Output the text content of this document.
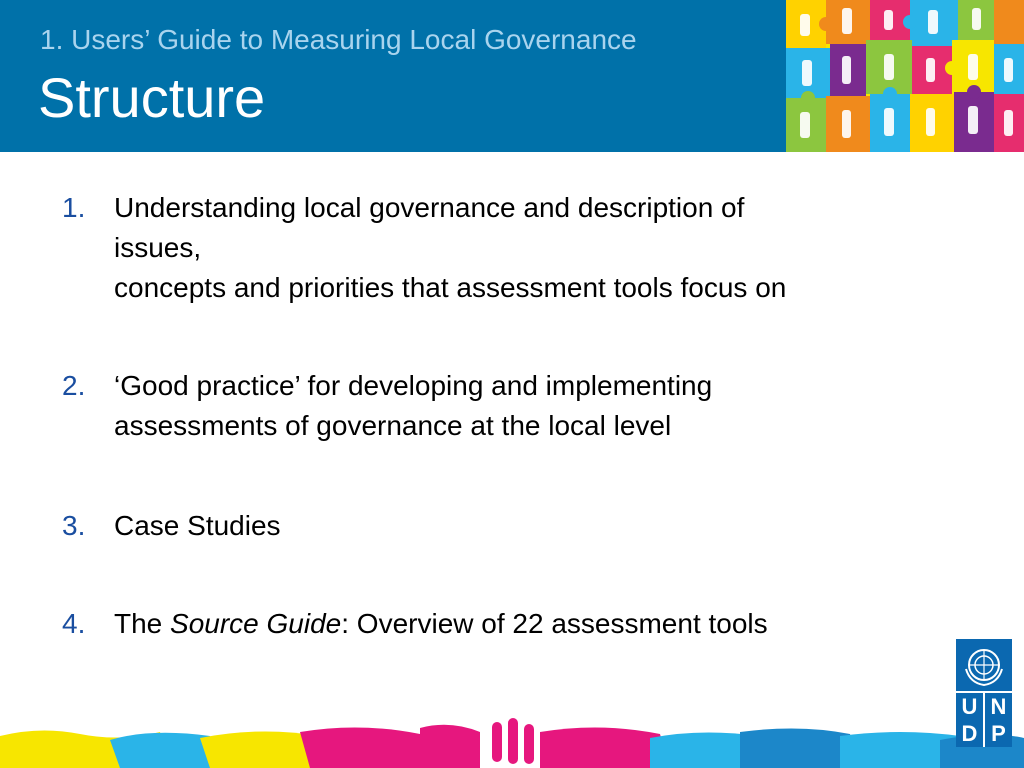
1. Users’ Guide to Measuring Local Governance
Structure
1. Understanding local governance and description of
issues,
concepts and priorities that assessment tools focus on
2. ‘Good practice’ for developing and implementing
assessments of governance at the local level
3. Case Studies
4. The Source Guide: Overview of 22 assessment tools
U N
D P
